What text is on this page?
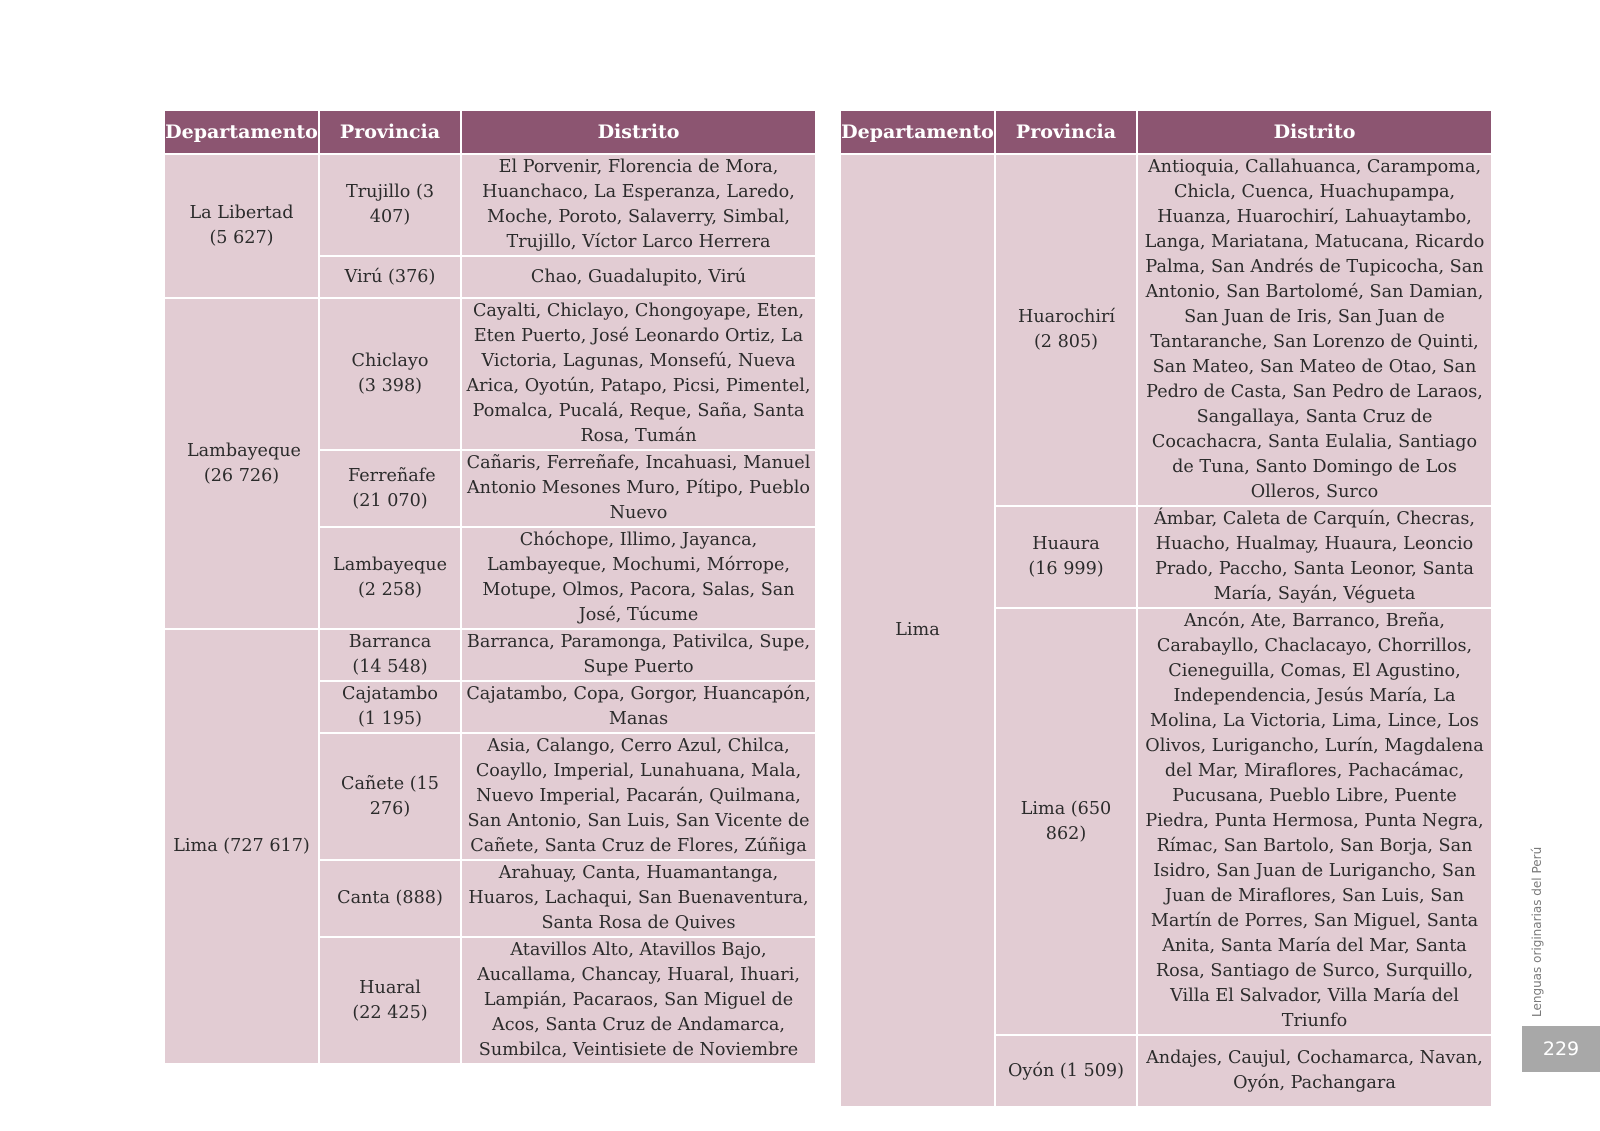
Departamento	Provincia	Distrito
La Libertad (5 627)	Trujillo (3 407)	El Porvenir, Florencia de Mora, Huanchaco, La Esperanza, Laredo, Moche, Poroto, Salaverry, Simbal, Trujillo, Víctor Larco Herrera
	Virú (376)	Chao, Guadalupito, Virú
Lambayeque (26 726)	Chiclayo (3 398)	Cayalti, Chiclayo, Chongoyape, Eten, Eten Puerto, José Leonardo Ortiz, La Victoria, Lagunas, Monsefú, Nueva Arica, Oyotún, Patapo, Picsi, Pimentel, Pomalca, Pucalá, Reque, Saña, Santa Rosa, Tumán
	Ferreñafe (21 070)	Cañaris, Ferreñafe, Incahuasi, Manuel Antonio Mesones Muro, Pítipo, Pueblo Nuevo
	Lambayeque (2 258)	Chóchope, Illimo, Jayanca, Lambayeque, Mochumi, Mórrope, Motupe, Olmos, Pacora, Salas, San José, Túcume
Lima (727 617)	Barranca (14 548)	Barranca, Paramonga, Pativilca, Supe, Supe Puerto
	Cajatambo (1 195)	Cajatambo, Copa, Gorgor, Huancapón, Manas
	Cañete (15 276)	Asia, Calango, Cerro Azul, Chilca, Coayllo, Imperial, Lunahuana, Mala, Nuevo Imperial, Pacarán, Quilmana, San Antonio, San Luis, San Vicente de Cañete, Santa Cruz de Flores, Zúñiga
	Canta (888)	Arahuay, Canta, Huamantanga, Huaros, Lachaqui, San Buenaventura, Santa Rosa de Quives
	Huaral (22 425)	Atavillos Alto, Atavillos Bajo, Aucallama, Chancay, Huaral, Ihuari, Lampián, Pacaraos, San Miguel de Acos, Santa Cruz de Andamarca, Sumbilca, Veintisiete de Noviembre
Departamento	Provincia	Distrito
Lima	Huarochirí (2 805)	Antioquia, Callahuanca, Carampoma, Chicla, Cuenca, Huachupampa, Huanza, Huarochirí, Lahuaytambo, Langa, Mariatana, Matucana, Ricardo Palma, San Andrés de Tupicocha, San Antonio, San Bartolomé, San Damian, San Juan de Iris, San Juan de Tantaranche, San Lorenzo de Quinti, San Mateo, San Mateo de Otao, San Pedro de Casta, San Pedro de Laraos, Sangallaya, Santa Cruz de Cocachacra, Santa Eulalia, Santiago de Tuna, Santo Domingo de Los Olleros, Surco
	Huaura (16 999)	Ámbar, Caleta de Carquín, Checras, Huacho, Hualmay, Huaura, Leoncio Prado, Paccho, Santa Leonor, Santa María, Sayán, Végueta
	Lima (650 862)	Ancón, Ate, Barranco, Breña, Carabayllo, Chaclacayo, Chorrillos, Cieneguilla, Comas, El Agustino, Independencia, Jesús María, La Molina, La Victoria, Lima, Lince, Los Olivos, Lurigancho, Lurín, Magdalena del Mar, Miraflores, Pachacámac, Pucusana, Pueblo Libre, Puente Piedra, Punta Hermosa, Punta Negra, Rímac, San Bartolo, San Borja, San Isidro, San Juan de Lurigancho, San Juan de Miraflores, San Luis, San Martín de Porres, San Miguel, Santa Anita, Santa María del Mar, Santa Rosa, Santiago de Surco, Surquillo, Villa El Salvador, Villa María del Triunfo
	Oyón (1 509)	Andajes, Caujul, Cochamarca, Navan, Oyón, Pachangara
Lenguas originarias del Perú
229
